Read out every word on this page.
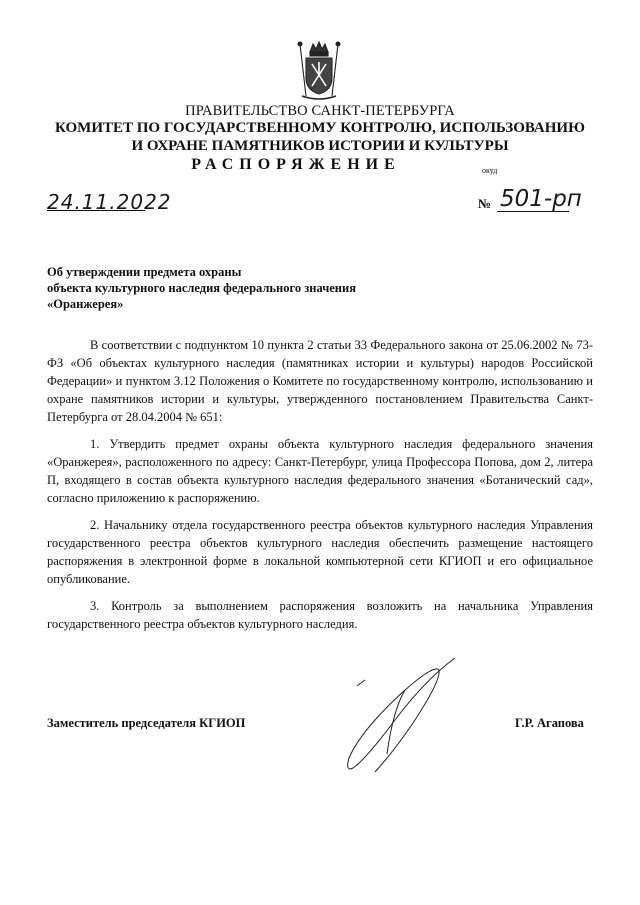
ПРАВИТЕЛЬСТВО САНКТ-ПЕТЕРБУРГА
КОМИТЕТ ПО ГОСУДАРСТВЕННОМУ КОНТРОЛЮ, ИСПОЛЬЗОВАНИЮ
И ОХРАНЕ ПАМЯТНИКОВ ИСТОРИИ И КУЛЬТУРЫ
РАСПОРЯЖЕНИЕ	окуд
24.11.2022	№ 501-рп
Об утверждении предмета охраны
объекта культурного наследия федерального значения
«Оранжерея»

В соответствии с подпунктом 10 пункта 2 статьи 33 Федерального закона от 25.06.2002 № 73-ФЗ «Об объектах культурного наследия (памятниках истории и культуры) народов Российской Федерации» и пунктом 3.12 Положения о Комитете по государственному контролю, использованию и охране памятников истории и культуры, утвержденного постановлением Правительства Санкт-Петербурга от 28.04.2004 № 651:

1. Утвердить предмет охраны объекта культурного наследия федерального значения «Оранжерея», расположенного по адресу: Санкт-Петербург, улица Профессора Попова, дом 2, литера П, входящего в состав объекта культурного наследия федерального значения «Ботанический сад», согласно приложению к распоряжению.

2. Начальнику отдела государственного реестра объектов культурного наследия Управления государственного реестра объектов культурного наследия обеспечить размещение настоящего распоряжения в электронной форме в локальной компьютерной сети КГИОП и его официальное опубликование.

3. Контроль за выполнением распоряжения возложить на начальника Управления государственного реестра объектов культурного наследия.

Заместитель председателя КГИОП	Г.Р. Агапова
